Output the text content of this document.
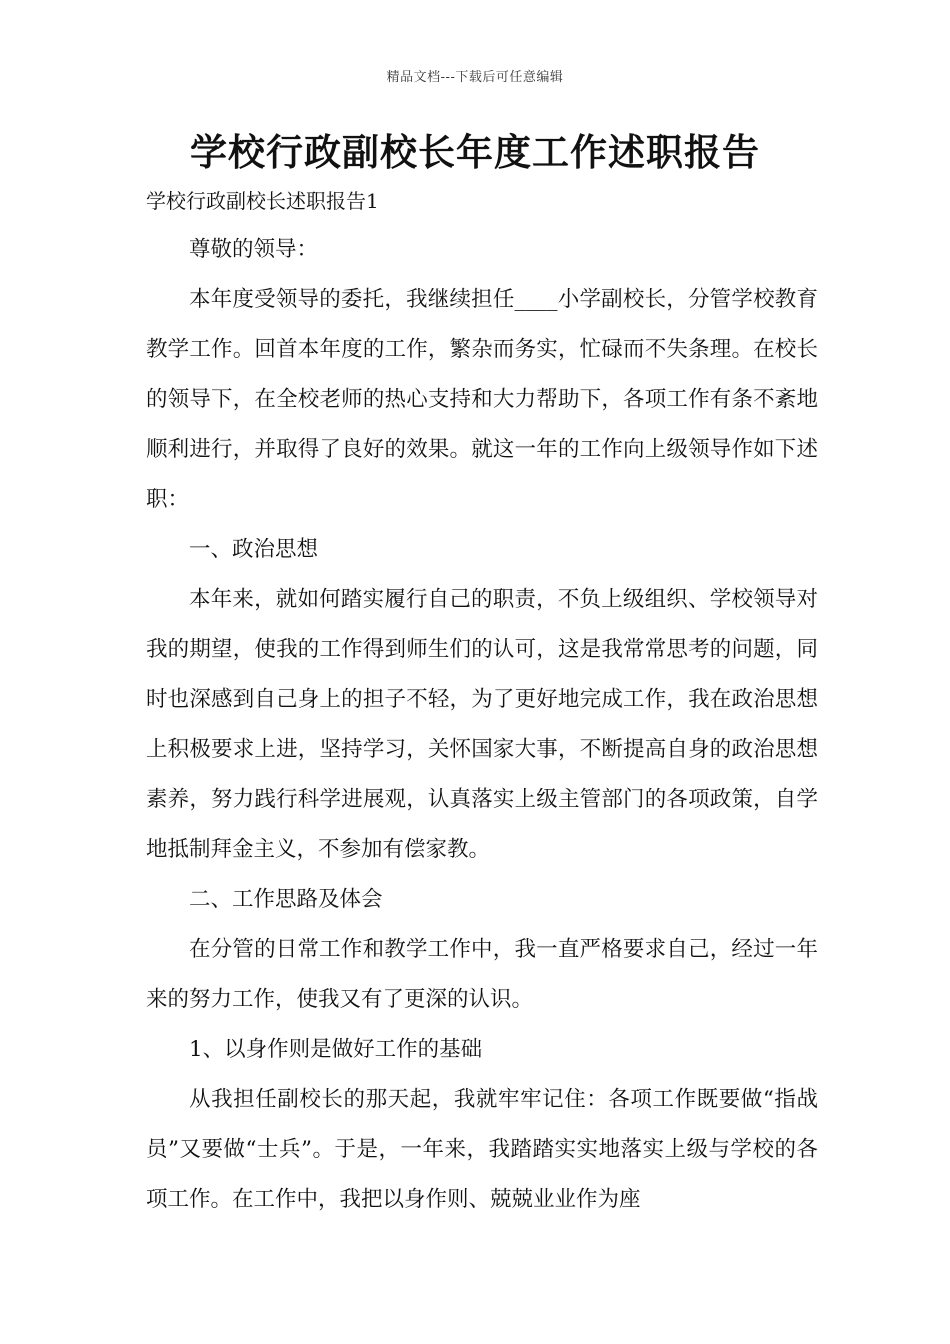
精品文档---下载后可任意编辑
学校行政副校长年度工作述职报告
学校行政副校长述职报告1

尊敬的领导：

本年度受领导的委托，我继续担任____小学副校长，分管学校教育教学工作。回首本年度的工作，繁杂而务实，忙碌而不失条理。在校长的领导下，在全校老师的热心支持和大力帮助下，各项工作有条不紊地顺利进行，并取得了良好的效果。就这一年的工作向上级领导作如下述职：

一、政治思想

本年来，就如何踏实履行自己的职责，不负上级组织、学校领导对我的期望，使我的工作得到师生们的认可，这是我常常思考的问题，同时也深感到自己身上的担子不轻，为了更好地完成工作，我在政治思想上积极要求上进，坚持学习，关怀国家大事，不断提高自身的政治思想素养，努力践行科学进展观，认真落实上级主管部门的各项政策，自学地抵制拜金主义，不参加有偿家教。

二、工作思路及体会

在分管的日常工作和教学工作中，我一直严格要求自己，经过一年来的努力工作，使我又有了更深的认识。

1、以身作则是做好工作的基础

从我担任副校长的那天起，我就牢牢记住：各项工作既要做“指战员”又要做“士兵”。于是，一年来，我踏踏实实地落实上级与学校的各项工作。在工作中，我把以身作则、兢兢业业作为座
